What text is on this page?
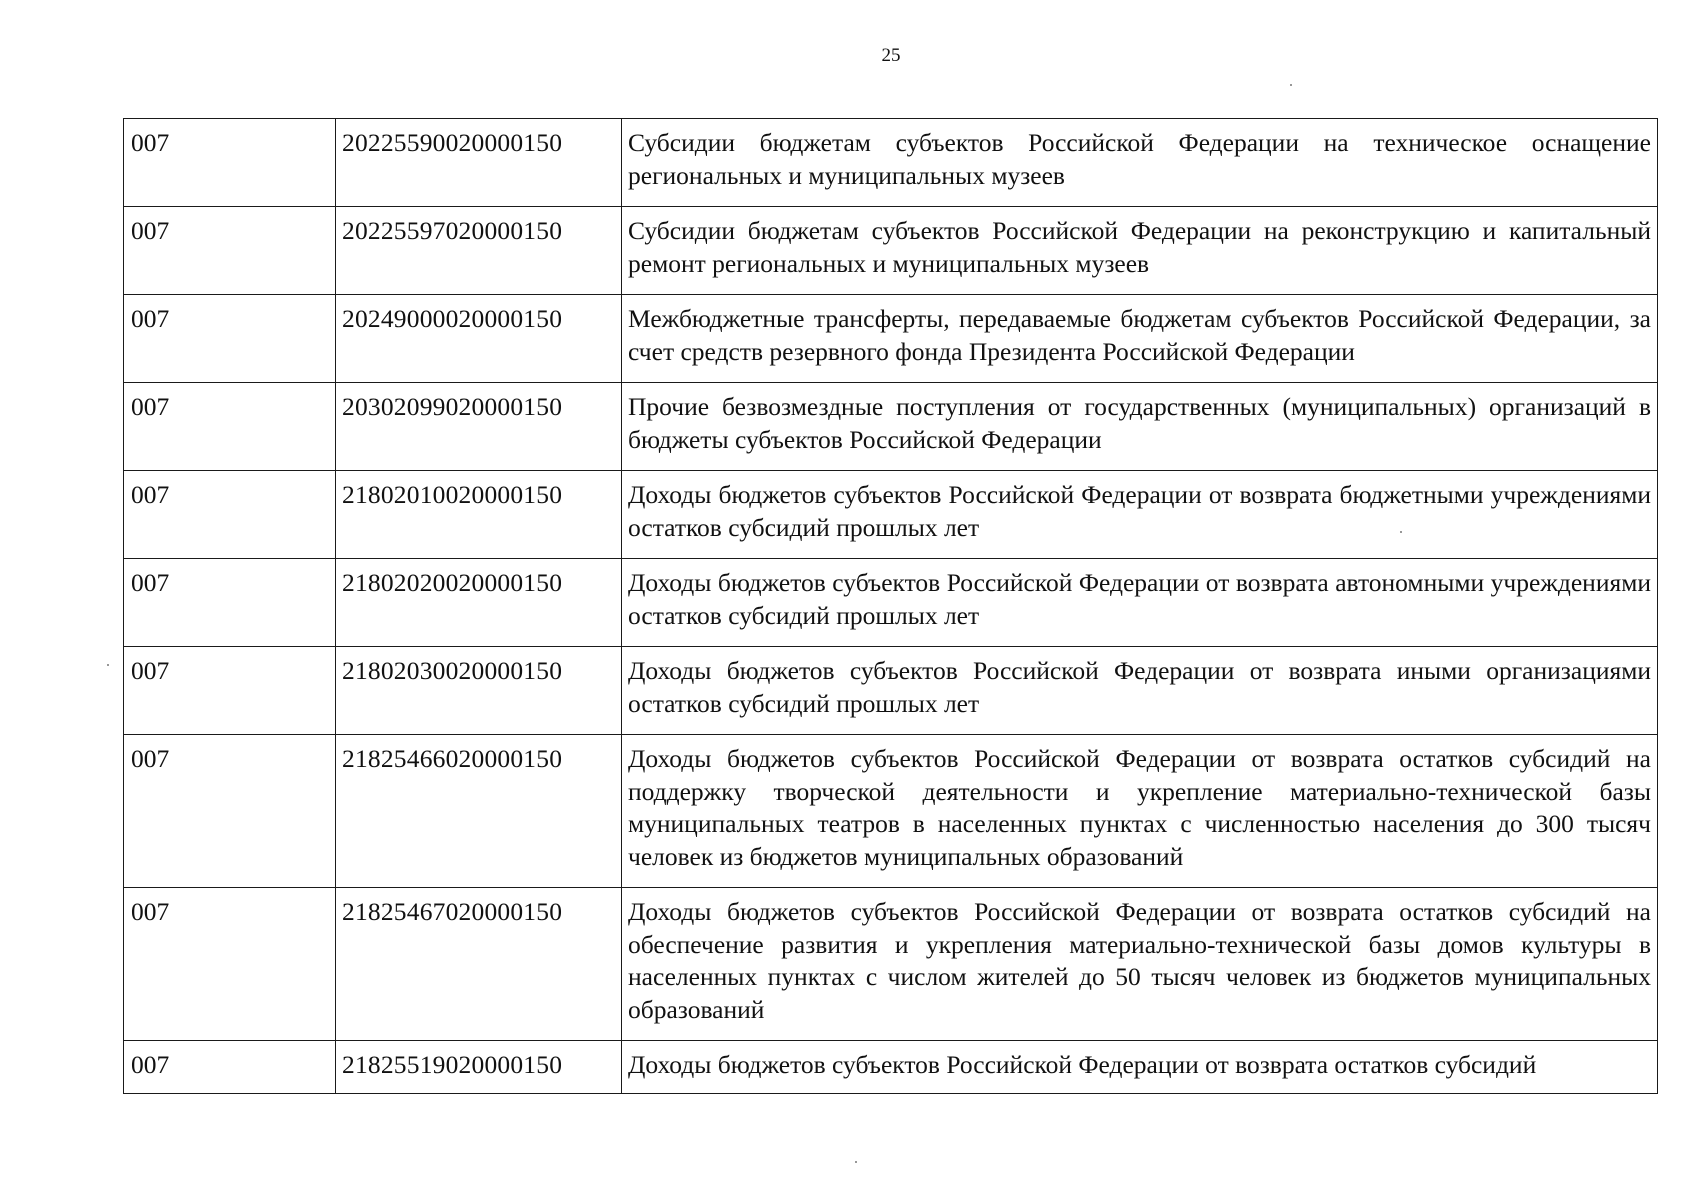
25
007	20225590020000150	Субсидии бюджетам субъектов Российской Федерации на техническое оснащение региональных и муниципальных музеев
007	20225597020000150	Субсидии бюджетам субъектов Российской Федерации на реконструкцию и капитальный ремонт региональных и муниципальных музеев
007	20249000020000150	Межбюджетные трансферты, передаваемые бюджетам субъектов Российской Федерации, за счет средств резервного фонда Президента Российской Федерации
007	20302099020000150	Прочие безвозмездные поступления от государственных (муниципальных) организаций в бюджеты субъектов Российской Федерации
007	21802010020000150	Доходы бюджетов субъектов Российской Федерации от возврата бюджетными учреждениями остатков субсидий прошлых лет
007	21802020020000150	Доходы бюджетов субъектов Российской Федерации от возврата автономными учреждениями остатков субсидий прошлых лет
007	21802030020000150	Доходы бюджетов субъектов Российской Федерации от возврата иными организациями остатков субсидий прошлых лет
007	21825466020000150	Доходы бюджетов субъектов Российской Федерации от возврата остатков субсидий на поддержку творческой деятельности и укрепление материально-технической базы муниципальных театров в населенных пунктах с численностью населения до 300 тысяч человек из бюджетов муниципальных образований
007	21825467020000150	Доходы бюджетов субъектов Российской Федерации от возврата остатков субсидий на обеспечение развития и укрепления материально-технической базы домов культуры в населенных пунктах с числом жителей до 50 тысяч человек из бюджетов муниципальных образований
007	21825519020000150	Доходы бюджетов субъектов Российской Федерации от возврата остатков субсидий
